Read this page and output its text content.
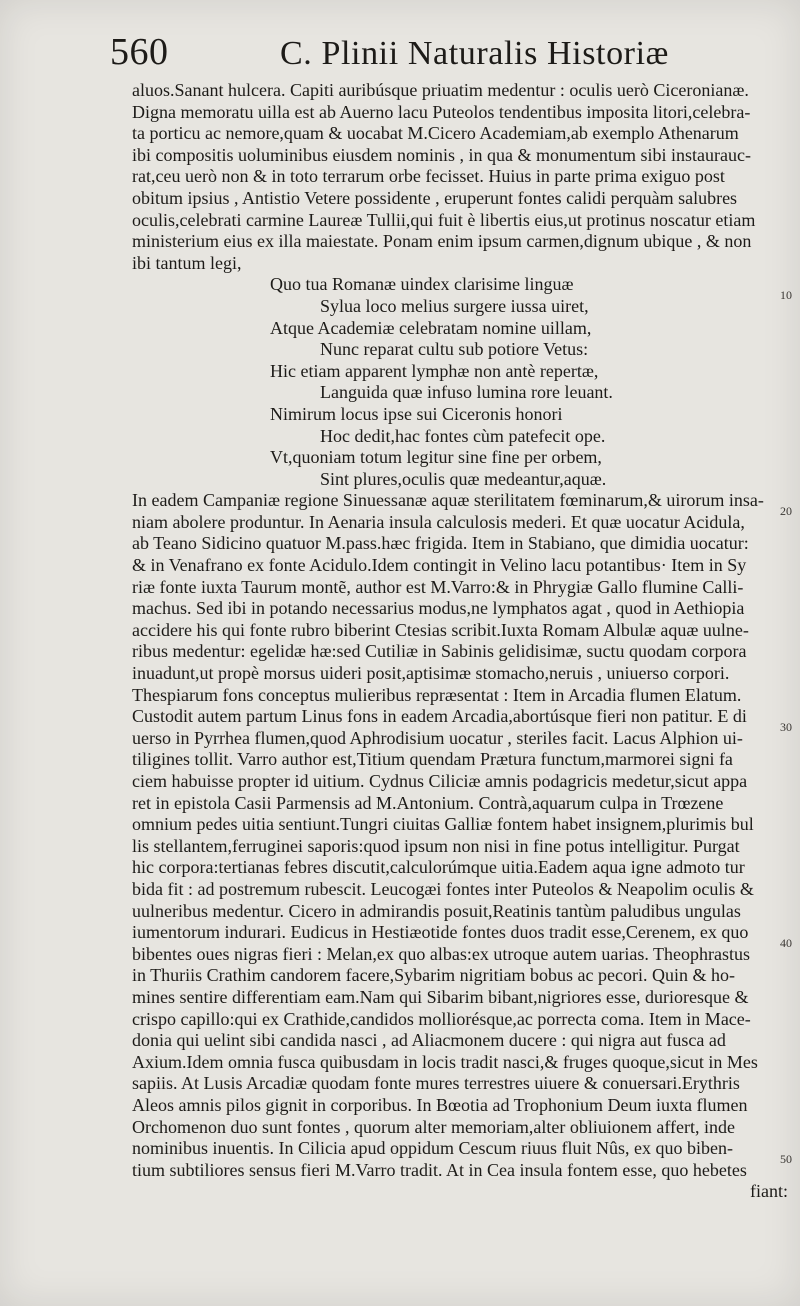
560	C. Plinii Naturalis Historiæ
aluos.Sanant hulcera. Capiti auribúsque priuatim medentur : oculis uerò Ciceronianæ.
Digna memoratu uilla est ab Auerno lacu Puteolos tendentibus imposita litori,celebra-
ta porticu ac nemore,quam & uocabat M.Cicero Academiam,ab exemplo Athenarum
ibi compositis uoluminibus eiusdem nominis , in qua & monumentum sibi instaurauc-
rat,ceu uerò non & in toto terrarum orbe fecisset. Huius in parte prima exiguo post
obitum ipsius , Antistio Vetere possidente , eruperunt fontes calidi perquàm salubres
oculis,celebrati carmine Laureæ Tullii,qui fuit è libertis eius,ut protinus noscatur etiam
ministerium eius ex illa maiestate. Ponam enim ipsum carmen,dignum ubique , & non
ibi tantum legi,
Quo tua Romanæ uindex clarisime linguæ
Sylua loco melius surgere iussa uiret,
Atque Academiæ celebratam nomine uillam,
Nunc reparat cultu sub potiore Vetus:
Hic etiam apparent lymphæ non antè repertæ,
Languida quæ infuso lumina rore leuant.
Nimirum locus ipse sui Ciceronis honori
Hoc dedit,hac fontes cùm patefecit ope.
Vt,quoniam totum legitur sine fine per orbem,
Sint plures,oculis quæ medeantur,aquæ.
In eadem Campaniæ regione Sinuessanæ aquæ sterilitatem fœminarum,& uirorum insa-
niam abolere produntur. In Aenaria insula calculosis mederi. Et quæ uocatur Acidula,
ab Teano Sidicino quatuor M.pass.hæc frigida. Item in Stabiano, que dimidia uocatur:
& in Venafrano ex fonte Acidulo.Idem contingit in Velino lacu potantibus· Item in Sy
riæ fonte iuxta Taurum montẽ, author est M.Varro:& in Phrygiæ Gallo flumine Calli-
machus. Sed ibi in potando necessarius modus,ne lymphatos agat , quod in Aethiopia
accidere his qui fonte rubro biberint Ctesias scribit.Iuxta Romam Albulæ aquæ uulne-
ribus medentur: egelidæ hæ:sed Cutiliæ in Sabinis gelidisimæ, suctu quodam corpora
inuadunt,ut propè morsus uideri posit,aptisimæ stomacho,neruis , uniuerso corpori.
Thespiarum fons conceptus mulieribus repræsentat : Item in Arcadia flumen Elatum.
Custodit autem partum Linus fons in eadem Arcadia,abortúsque fieri non patitur. E di
uerso in Pyrrhea flumen,quod Aphrodisium uocatur , steriles facit. Lacus Alphion ui-
tiligines tollit. Varro author est,Titium quendam Prætura functum,marmorei signi fa
ciem habuisse propter id uitium. Cydnus Ciliciæ amnis podagricis medetur,sicut appa
ret in epistola Casii Parmensis ad M.Antonium. Contrà,aquarum culpa in Trœzene
omnium pedes uitia sentiunt.Tungri ciuitas Galliæ fontem habet insignem,plurimis bul
lis stellantem,ferruginei saporis:quod ipsum non nisi in fine potus intelligitur. Purgat
hic corpora:tertianas febres discutit,calculorúmque uitia.Eadem aqua igne admoto tur
bida fit : ad postremum rubescit. Leucogæi fontes inter Puteolos & Neapolim oculis &
uulneribus medentur. Cicero in admirandis posuit,Reatinis tantùm paludibus ungulas
iumentorum indurari. Eudicus in Hestiæotide fontes duos tradit esse,Cerenem, ex quo
bibentes oues nigras fieri : Melan,ex quo albas:ex utroque autem uarias. Theophrastus
in Thuriis Crathim candorem facere,Sybarim nigritiam bobus ac pecori. Quin & ho-
mines sentire differentiam eam.Nam qui Sibarim bibant,nigriores esse, durioresque &
crispo capillo:qui ex Crathide,candidos molliorésque,ac porrecta coma. Item in Mace-
donia qui uelint sibi candida nasci , ad Aliacmonem ducere : qui nigra aut fusca ad
Axium.Idem omnia fusca quibusdam in locis tradit nasci,& fruges quoque,sicut in Mes
sapiis. At Lusis Arcadiæ quodam fonte mures terrestres uiuere & conuersari.Erythris
Aleos amnis pilos gignit in corporibus. In Bœotia ad Trophonium Deum iuxta flumen
Orchomenon duo sunt fontes , quorum alter memoriam,alter obliuionem affert, inde
nominibus inuentis. In Cilicia apud oppidum Cescum riuus fluit Nûs, ex quo biben-
tium subtiliores sensus fieri M.Varro tradit. At in Cea insula fontem esse, quo hebetes
fiant:
10
20
30
40
50
